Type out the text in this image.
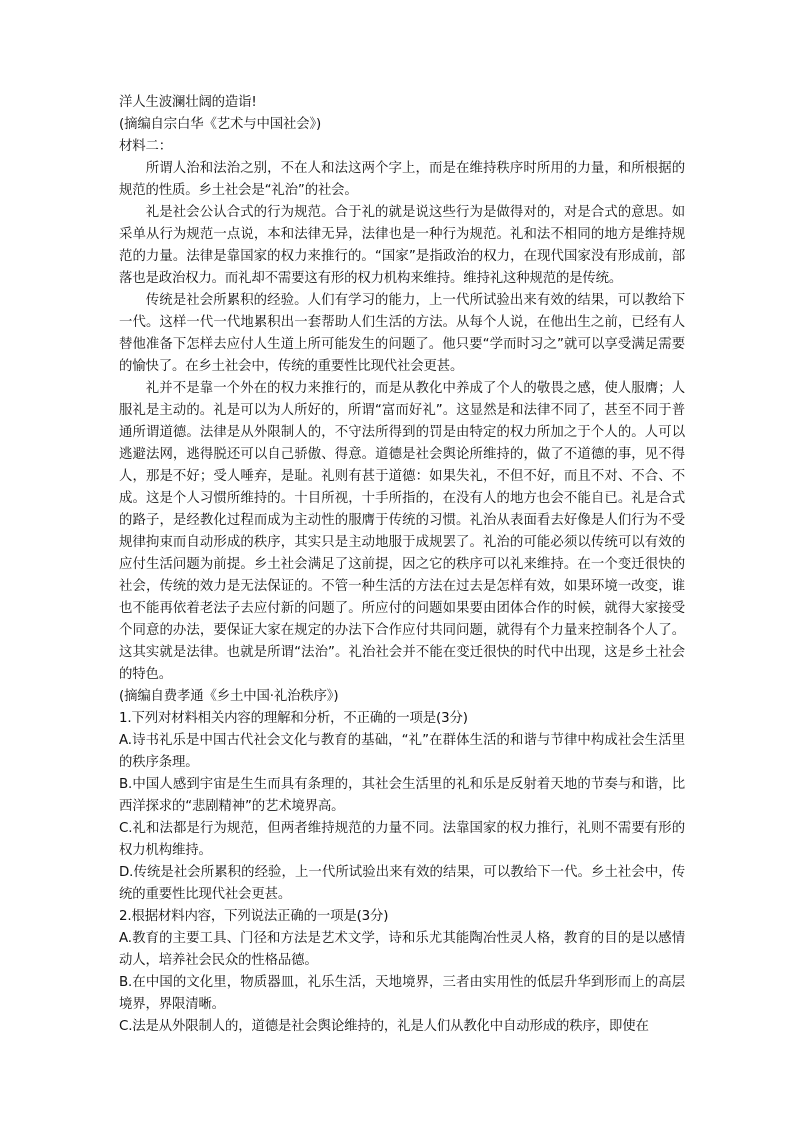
洋人生波澜壮阔的造诣!

(摘编自宗白华《艺术与中国社会》)

材料二：

所谓人治和法治之别，不在人和法这两个字上，而是在维持秩序时所用的力量，和所根据的规范的性质。乡土社会是“礼治”的社会。

礼是社会公认合式的行为规范。合于礼的就是说这些行为是做得对的，对是合式的意思。如采单从行为规范一点说，本和法律无异，法律也是一种行为规范。礼和法不相同的地方是维持规范的力量。法律是靠国家的权力来推行的。“国家”是指政治的权力，在现代国家没有形成前，部落也是政治权力。而礼却不需要这有形的权力机构来维持。维持礼这种规范的是传统。

传统是社会所累积的经验。人们有学习的能力，上一代所试验出来有效的结果，可以教给下一代。这样一代一代地累积出一套帮助人们生活的方法。从每个人说，在他出生之前，已经有人替他准备下怎样去应付人生道上所可能发生的问题了。他只要“学而时习之”就可以享受满足需要的愉快了。在乡土社会中，传统的重要性比现代社会更甚。

礼并不是靠一个外在的权力来推行的，而是从教化中养成了个人的敬畏之感，使人服膺；人服礼是主动的。礼是可以为人所好的，所谓“富而好礼”。这显然是和法律不同了，甚至不同于普通所谓道德。法律是从外限制人的，不守法所得到的罚是由特定的权力所加之于个人的。人可以逃避法网，逃得脱还可以自己骄傲、得意。道德是社会舆论所维持的，做了不道德的事，见不得人，那是不好；受人唾弃，是耻。礼则有甚于道德：如果失礼，不但不好，而且不对、不合、不成。这是个人习惯所维持的。十目所视，十手所指的，在没有人的地方也会不能自已。礼是合式的路子，是经教化过程而成为主动性的服膺于传统的习惯。礼治从表面看去好像是人们行为不受规律拘束而自动形成的秩序，其实只是主动地服于成规罢了。礼治的可能必须以传统可以有效的应付生活问题为前提。乡土社会满足了这前提，因之它的秩序可以礼来维持。在一个变迁很快的社会，传统的效力是无法保证的。不管一种生活的方法在过去是怎样有效，如果环境一改变，谁也不能再依着老法子去应付新的问题了。所应付的问题如果要由团体合作的时候，就得大家接受个同意的办法，要保证大家在规定的办法下合作应付共同问题，就得有个力量来控制各个人了。这其实就是法律。也就是所谓“法治”。礼治社会并不能在变迁很快的时代中出现，这是乡土社会的特色。

(摘编自费孝通《乡土中国·礼治秩序》)

1.下列对材料相关内容的理解和分析，不正确的一项是(3分)

A.诗书礼乐是中国古代社会文化与教育的基础，“礼”在群体生活的和谐与节律中构成社会生活里的秩序条理。

B.中国人感到宇宙是生生而具有条理的，其社会生活里的礼和乐是反射着天地的节奏与和谐，比西洋探求的“悲剧精神”的艺术境界高。

C.礼和法都是行为规范，但两者维持规范的力量不同。法靠国家的权力推行，礼则不需要有形的权力机构维持。

D.传统是社会所累积的经验，上一代所试验出来有效的结果，可以教给下一代。乡土社会中，传统的重要性比现代社会更甚。

2.根据材料内容，下列说法正确的一项是(3分)

A.教育的主要工具、门径和方法是艺术文学，诗和乐尤其能陶冶性灵人格，教育的目的是以感情动人，培养社会民众的性格品德。

B.在中国的文化里，物质器皿，礼乐生活，天地境界，三者由实用性的低层升华到形而上的高层境界，界限清晰。

C.法是从外限制人的，道德是社会舆论维持的，礼是人们从教化中自动形成的秩序，即使在
